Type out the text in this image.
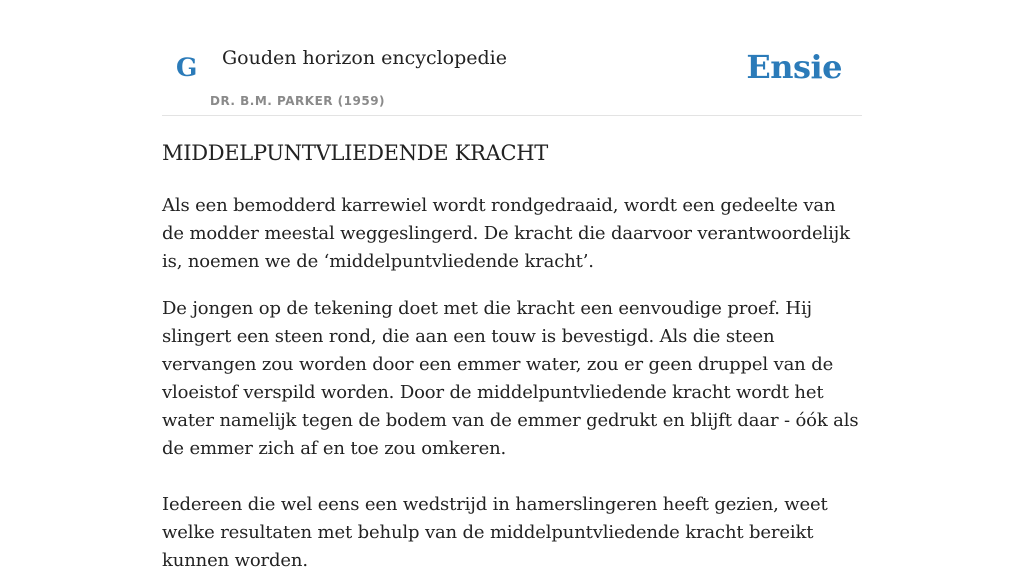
G Gouden horizon encyclopedie
DR. B.M. PARKER (1959)
Ensie
MIDDELPUNTVLIEDENDE KRACHT

Als een bemodderd karrewiel wordt rondgedraaid, wordt een gedeelte van de modder meestal weggeslingerd. De kracht die daarvoor verantwoordelijk is, noemen we de ‘middelpuntvliedende kracht’.

De jongen op de tekening doet met die kracht een eenvoudige proef. Hij slingert een steen rond, die aan een touw is bevestigd. Als die steen vervangen zou worden door een emmer water, zou er geen druppel van de vloeistof verspild worden. Door de middelpuntvliedende kracht wordt het water namelijk tegen de bodem van de emmer gedrukt en blijft daar - óók als de emmer zich af en toe zou omkeren.

Iedereen die wel eens een wedstrijd in hamerslingeren heeft gezien, weet welke resultaten met behulp van de middelpuntvliedende kracht bereikt kunnen worden.
